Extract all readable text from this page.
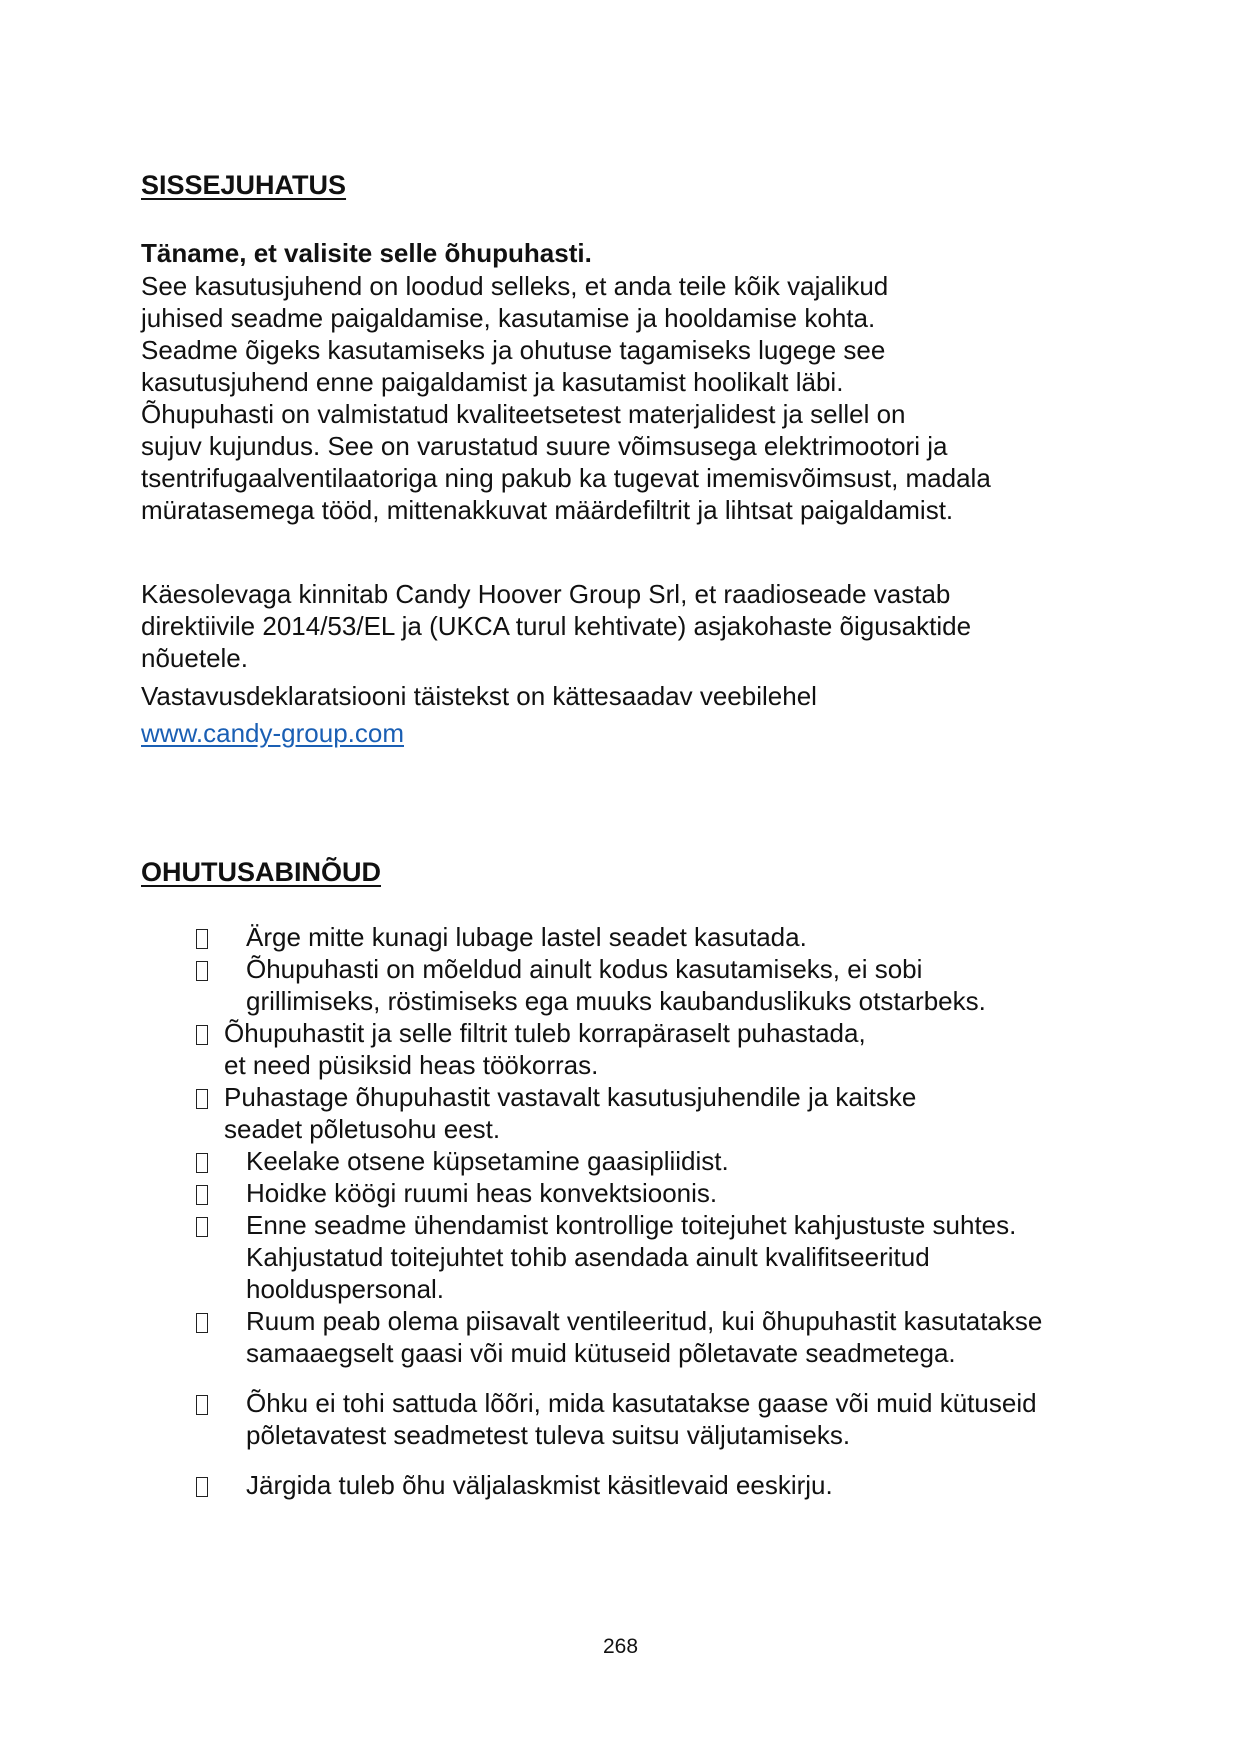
SISSEJUHATUS

Täname, et valisite selle õhupuhasti.

See kasutusjuhend on loodud selleks, et anda teile kõik vajalikud
juhised seadme paigaldamise, kasutamise ja hooldamise kohta.
Seadme õigeks kasutamiseks ja ohutuse tagamiseks lugege see
kasutusjuhend enne paigaldamist ja kasutamist hoolikalt läbi.
Õhupuhasti on valmistatud kvaliteetsetest materjalidest ja sellel on
sujuv kujundus. See on varustatud suure võimsusega elektrimootori ja
tsentrifugaalventilaatoriga ning pakub ka tugevat imemisvõimsust, madala
müratasemega tööd, mittenakkuvat määrdefiltrit ja lihtsat paigaldamist.

Käesolevaga kinnitab Candy Hoover Group Srl, et raadioseade vastab
direktiivile 2014/53/EL ja (UKCA turul kehtivate) asjakohaste õigusaktide
nõuetele.

Vastavusdeklaratsiooni täistekst on kättesaadav veebilehel

www.candy-group.com
OHUTUSABINÕUD
Ärge mitte kunagi lubage lastel seadet kasutada.
Õhupuhasti on mõeldud ainult kodus kasutamiseks, ei sobi
grillimiseks, röstimiseks ega muuks kaubanduslikuks otstarbeks.
Õhupuhastit ja selle filtrit tuleb korrapäraselt puhastada,
et need püsiksid heas töökorras.
Puhastage õhupuhastit vastavalt kasutusjuhendile ja kaitske
seadet põletusohu eest.
Keelake otsene küpsetamine gaasipliidist.
Hoidke köögi ruumi heas konvektsioonis.
Enne seadme ühendamist kontrollige toitejuhet kahjustuste suhtes.
Kahjustatud toitejuhtet tohib asendada ainult kvalifitseeritud
hoolduspersonal.
Ruum peab olema piisavalt ventileeritud, kui õhupuhastit kasutatakse
samaaegselt gaasi või muid kütuseid põletavate seadmetega.
Õhku ei tohi sattuda lõõri, mida kasutatakse gaase või muid kütuseid
põletavatest seadmetest tuleva suitsu väljutamiseks.
Järgida tuleb õhu väljalaskmist käsitlevaid eeskirju.
268
